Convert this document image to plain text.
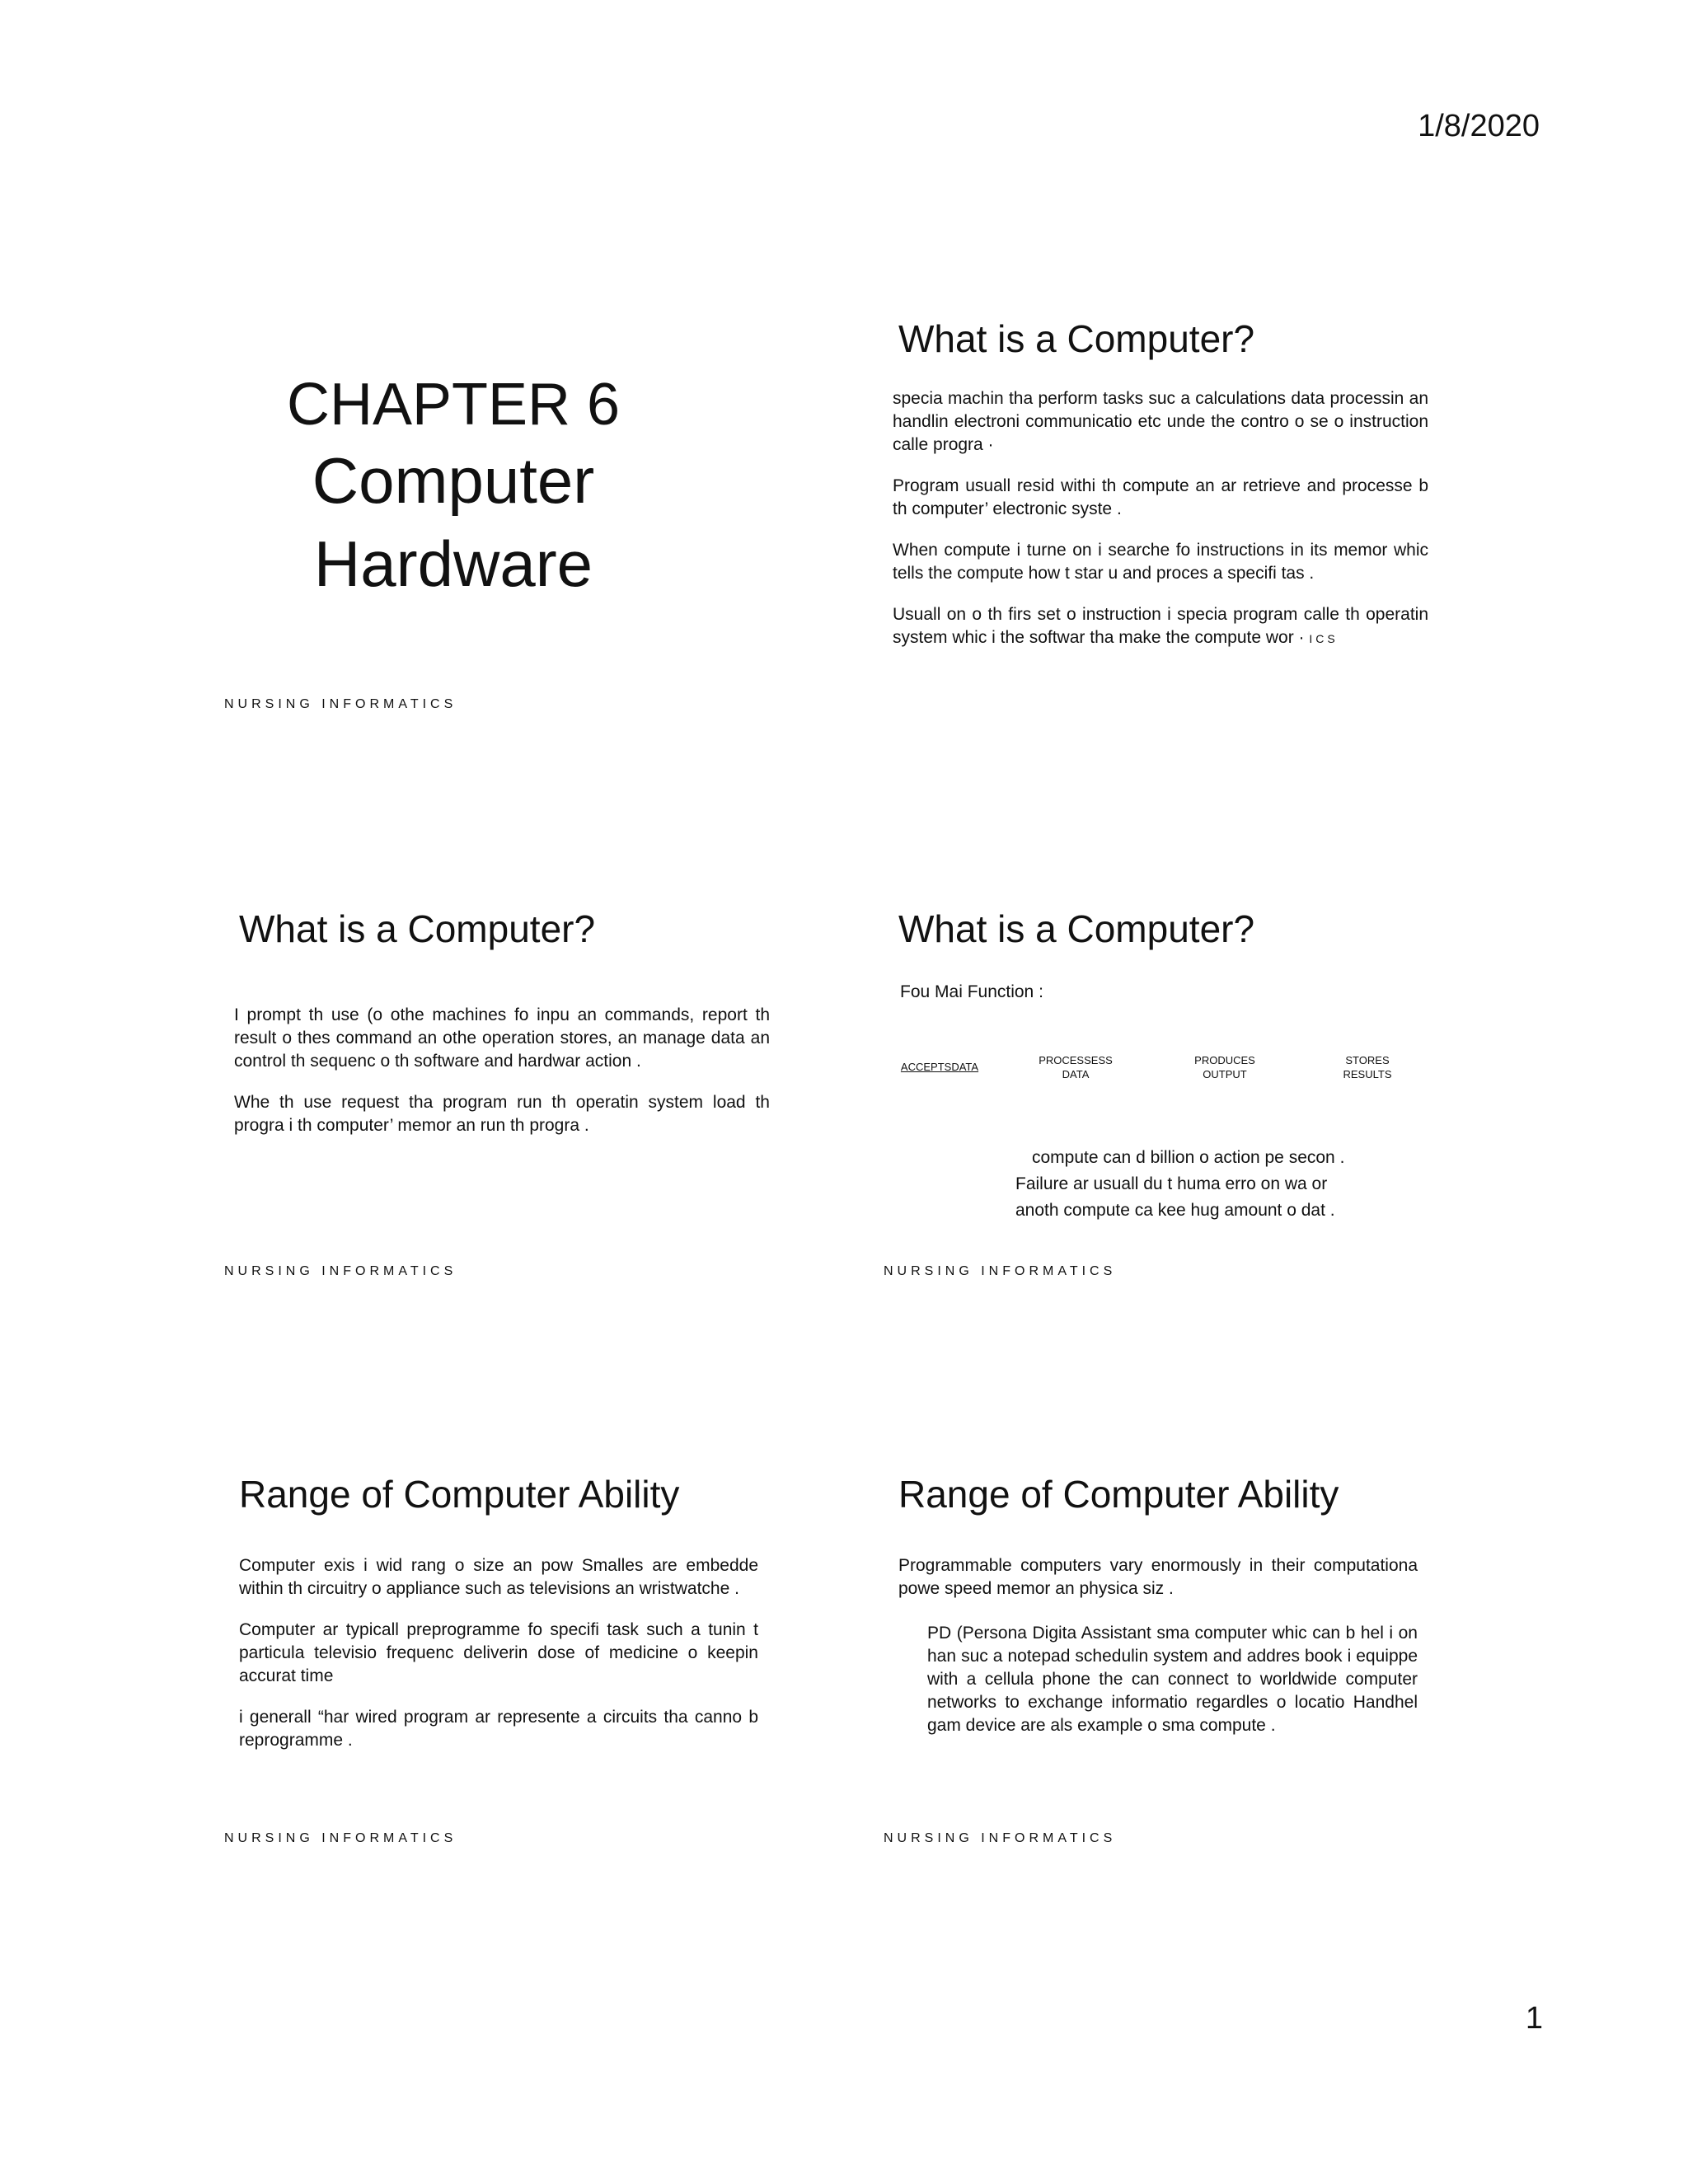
1/8/2020
1
CHAPTER 6
Computer
Hardware
NURSING INFORMATICS
What is a Computer?

specia machin tha perform tasks suc a calculations data processin an handlin electroni communicatio etc unde the contro o se o instruction calle progra ·

Program usuall resid withi th compute an ar retrieve and processe b th computer’ electronic syste .

When compute i turne on i searche fo instructions in its memor whic tells the compute how t star u and proces a specifi tas .

Usuall on o th firs set o instruction i specia program calle th operatin system whic i the softwar tha make the compute wor · ICS

What is a Computer?

I prompt th use (o othe machines fo inpu an commands, report th result o thes command an othe operation stores, an manage data an control th sequenc o th software and hardwar action .

Whe th use request tha program run th operatin system load th progra i th computer’ memor an run th progra .

NURSING INFORMATICS
What is a Computer?
Fou Mai Function :
ACCEPTSDATA
PROCESSESS
DATA
PRODUCES
OUTPUT
STORES
RESULTS
compute can d billion o action pe secon .
Failure ar usuall du t huma erro on wa or
anoth compute ca kee hug amount o dat .
NURSING INFORMATICS
Range of Computer Ability

Computer exis i wid rang o size an pow Smalles are embedde within th circuitry o appliance such as televisions an wristwatche .

Computer ar typicall preprogramme fo specifi task such a tunin t particula televisio frequenc deliverin dose of medicine o keepin accurat time

i generall “har wired program ar represente a circuits tha canno b reprogramme .

NURSING INFORMATICS
Range of Computer Ability

Programmable computers vary enormously in their computationa powe speed memor an physica siz .

PD (Persona Digita Assistant sma computer whic can b hel i on han suc a notepad schedulin system and addres book i equippe with a cellula phone the can connect to worldwide computer networks to exchange informatio regardles o locatio Handhel gam device are als example o sma compute .

NURSING INFORMATICS
